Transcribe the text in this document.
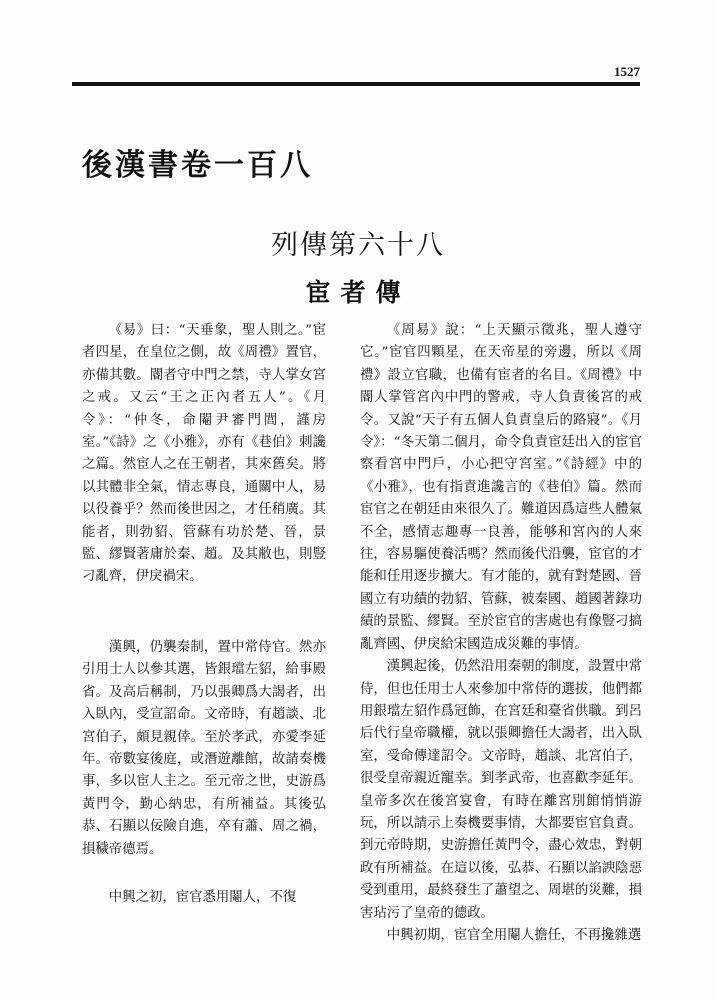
1527
後漢書卷一百八
列傳第六十八
宦者傳

《易》曰：“天垂象，聖人則之。”宦者四星，在皇位之側，故《周禮》置官，亦備其數。閽者守中門之禁，寺人掌女宮之戒。又云“王之正內者五人”。《月令》：“仲冬，命閹尹審門閭，謹房室。”《詩》之《小雅》，亦有《巷伯》刺讒之篇。然宦人之在王朝者，其來舊矣。將以其體非全氣，情志專良，通關中人，易以役養乎？然而後世因之，才任稍廣。其能者，則勃貂、管蘇有功於楚、晉，景監、繆賢著庸於秦、趙。及其敝也，則豎刁亂齊，伊戾禍宋。

漢興，仍襲秦制，置中常侍官。然亦引用士人以參其選，皆銀璫左貂，給事殿省。及高后稱制，乃以張卿爲大謁者，出入臥內，受宣詔命。文帝時，有趙談、北宮伯子，頗見親倖。至於孝武，亦愛李延年。帝數宴後庭，或潛遊離館，故請奏機事，多以宦人主之。至元帝之世，史游爲黃門令，勤心納忠，有所補益。其後弘恭、石顯以佞險自進，卒有蕭、周之禍，損穢帝德焉。

中興之初，宦官悉用閹人，不復

《周易》說：“上天顯示徵兆，聖人遵守它。”宦官四顆星，在天帝星的旁邊，所以《周禮》設立官職，也備有宦者的名目。《周禮》中閽人掌管宮內中門的警戒，寺人負責後宮的戒令。又說“天子有五個人負責皇后的路寢”。《月令》：“冬天第二個月，命令負責宦廷出入的宦官察看宮中門戶，小心把守宮室。”《詩經》中的《小雅》，也有指責進讒言的《巷伯》篇。然而宦官之在朝廷由來很久了。難道因爲這些人體氣不全，感情志趣專一良善，能够和宮內的人來往，容易驅使養活嗎？然而後代沿襲，宦官的才能和任用逐步擴大。有才能的，就有對楚國、晉國立有功績的勃貂、管蘇，被秦國、趙國著錄功績的景監、繆賢。至於宦官的害處也有像豎刁搞亂齊國、伊戾給宋國造成災難的事情。

漢興起後，仍然沿用秦朝的制度，設置中常侍，但也任用士人來參加中常侍的選拔，他們都用銀璫左貂作爲冠飾，在宮廷和臺省供職。到呂后代行皇帝職權，就以張卿擔任大謁者，出入臥室，受命傳達詔令。文帝時，趙談、北宮伯子，很受皇帝親近寵幸。到孝武帝，也喜歡李延年。皇帝多次在後宮宴會，有時在離宮別館悄悄游玩，所以請示上奏機要事情，大都要宦官負責。到元帝時期，史游擔任黃門令，盡心效忠，對朝政有所補益。在這以後，弘恭、石顯以諂諛陰惡受到重用，最終發生了蕭望之、周堪的災難，損害玷污了皇帝的德政。

中興初期，宦官全用閹人擔任，不再攙雜選
